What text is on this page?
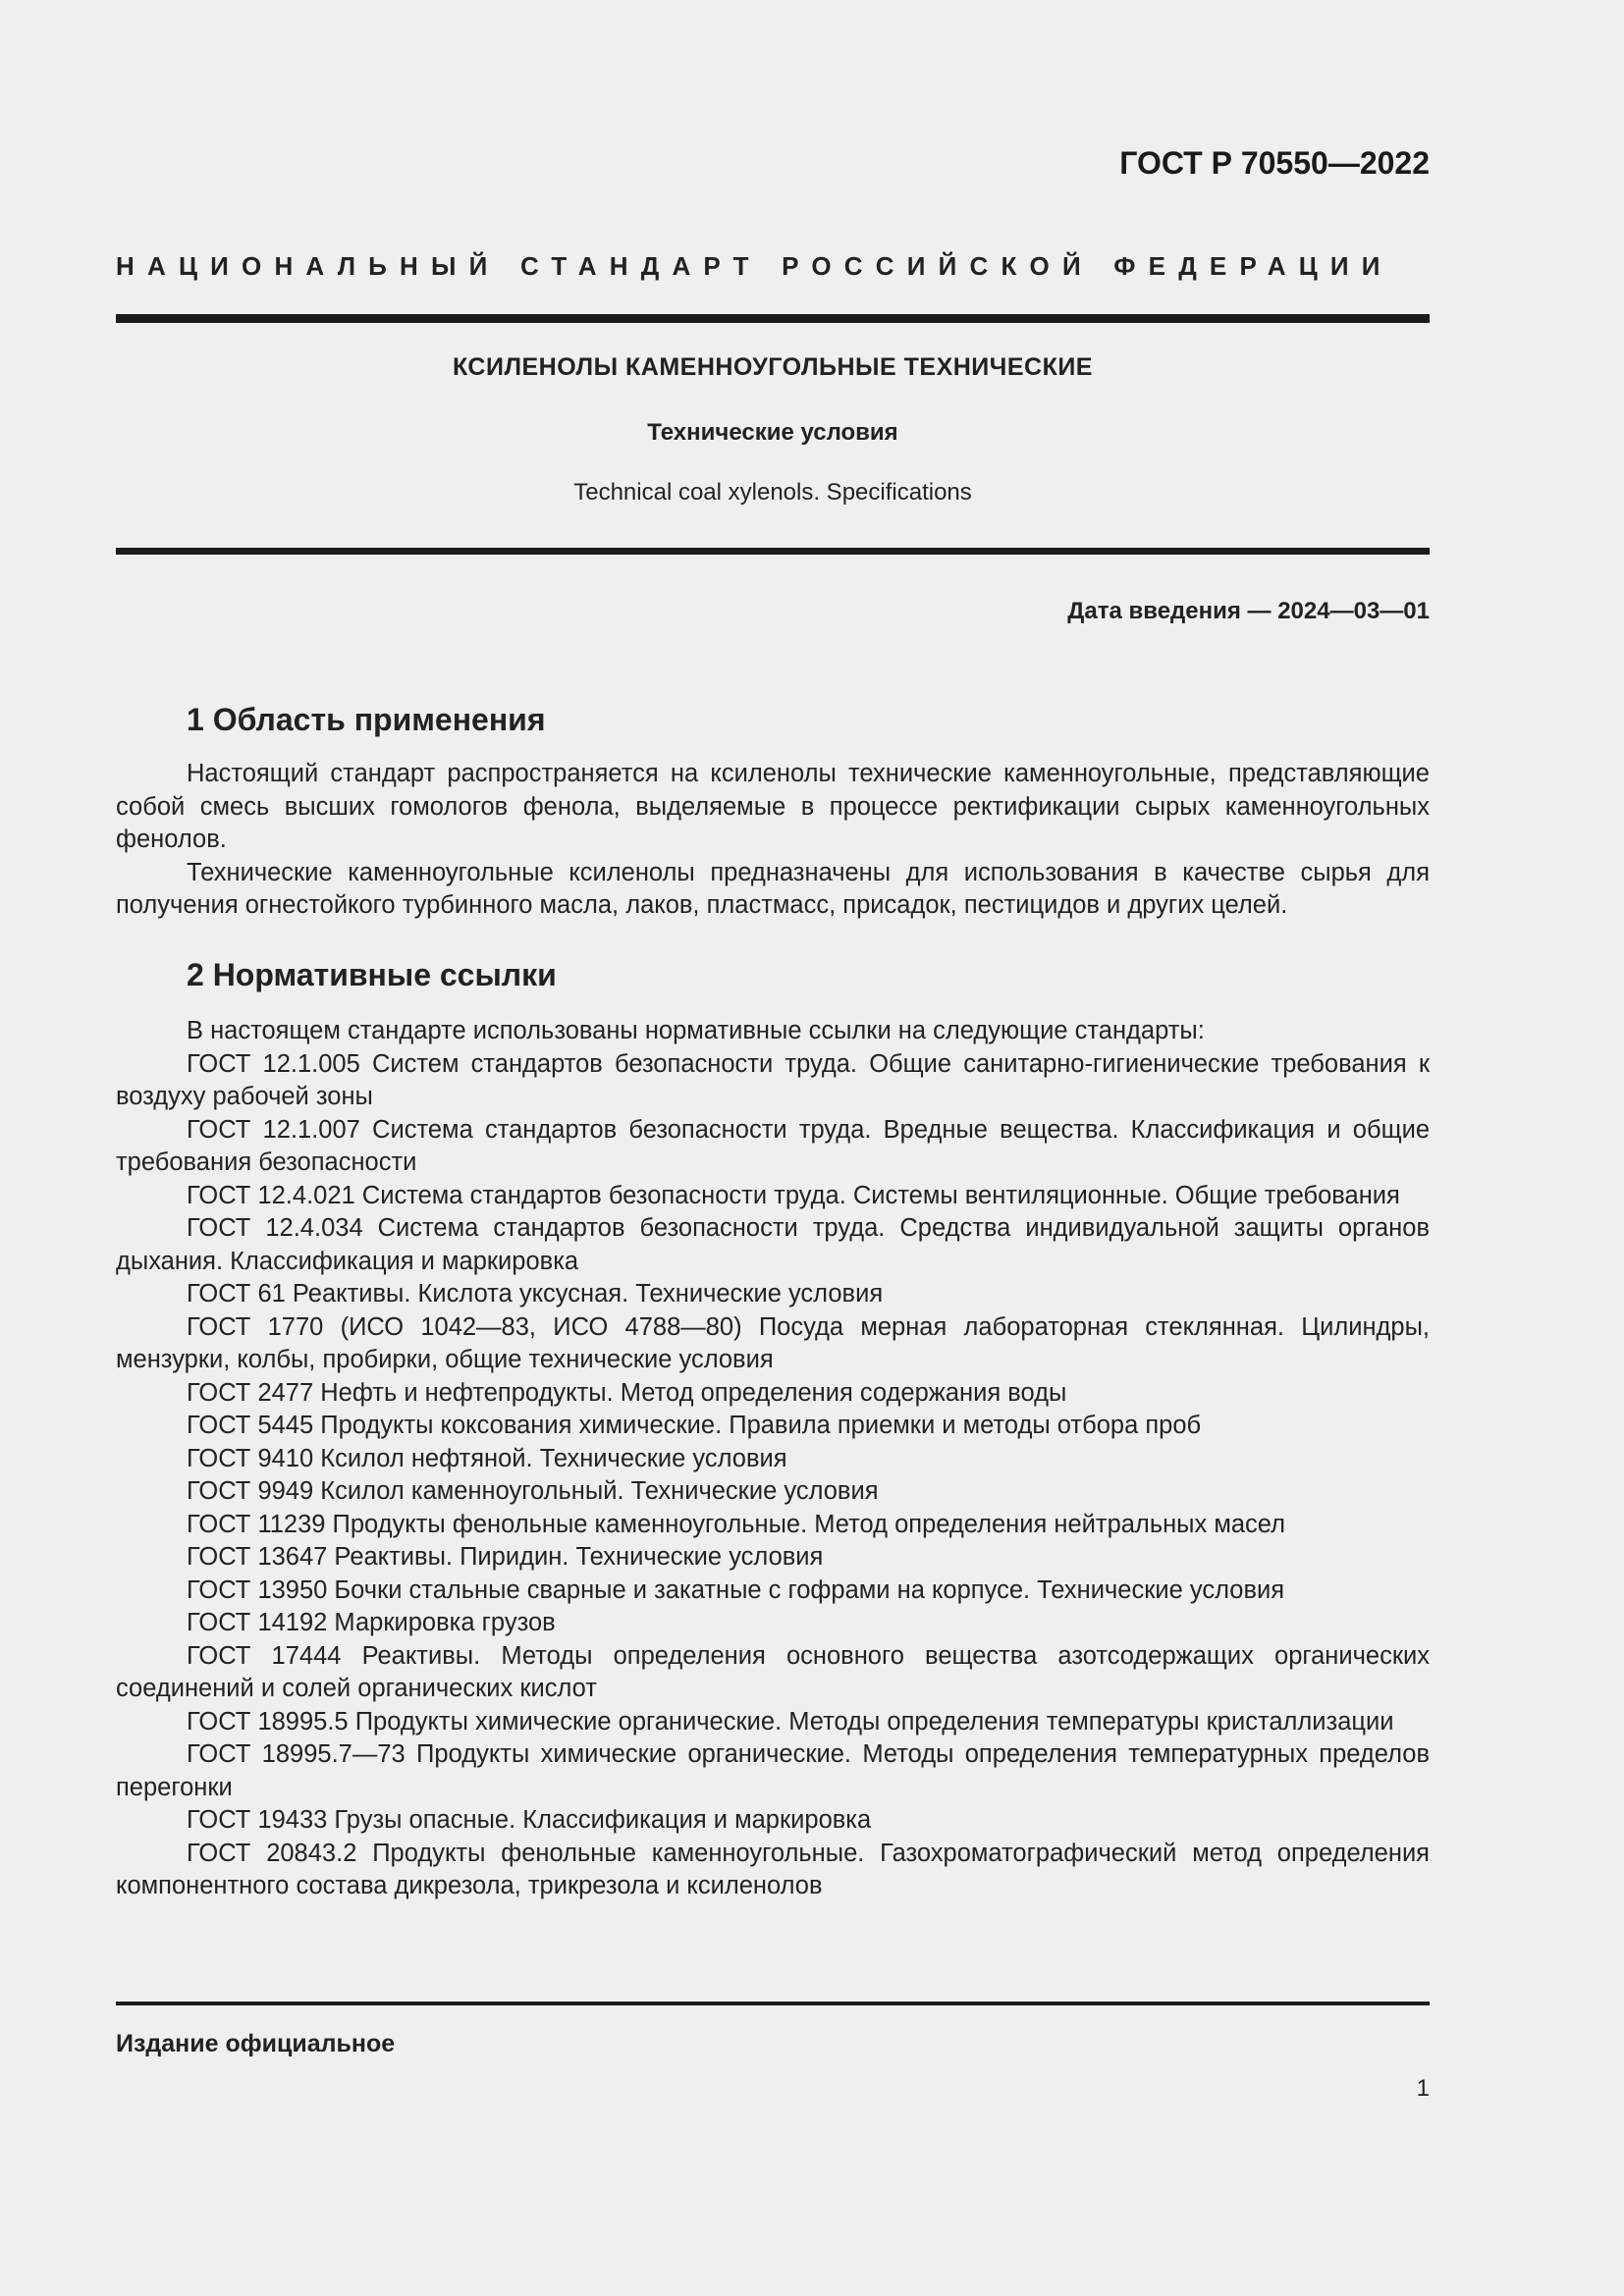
ГОСТ Р 70550—2022
НАЦИОНАЛЬНЫЙ СТАНДАРТ РОССИЙСКОЙ ФЕДЕРАЦИИ
КСИЛЕНОЛЫ КАМЕННОУГОЛЬНЫЕ ТЕХНИЧЕСКИЕ
Технические условия
Technical coal xylenols. Specifications
Дата введения — 2024—03—01
1 Область применения

Настоящий стандарт распространяется на ксиленолы технические каменноугольные, представляющие собой смесь высших гомологов фенола, выделяемые в процессе ректификации сырых каменноугольных фенолов.

Технические каменноугольные ксиленолы предназначены для использования в качестве сырья для получения огнестойкого турбинного масла, лаков, пластмасс, присадок, пестицидов и других целей.

2 Нормативные ссылки

В настоящем стандарте использованы нормативные ссылки на следующие стандарты:

ГОСТ 12.1.005 Систем стандартов безопасности труда. Общие санитарно-гигиенические требования к воздуху рабочей зоны

ГОСТ 12.1.007 Система стандартов безопасности труда. Вредные вещества. Классификация и общие требования безопасности

ГОСТ 12.4.021 Система стандартов безопасности труда. Системы вентиляционные. Общие требования

ГОСТ 12.4.034 Система стандартов безопасности труда. Средства индивидуальной защиты органов дыхания. Классификация и маркировка

ГОСТ 61 Реактивы. Кислота уксусная. Технические условия

ГОСТ 1770 (ИСО 1042—83, ИСО 4788—80) Посуда мерная лабораторная стеклянная. Цилиндры, мензурки, колбы, пробирки, общие технические условия

ГОСТ 2477 Нефть и нефтепродукты. Метод определения содержания воды

ГОСТ 5445 Продукты коксования химические. Правила приемки и методы отбора проб

ГОСТ 9410 Ксилол нефтяной. Технические условия

ГОСТ 9949 Ксилол каменноугольный. Технические условия

ГОСТ 11239 Продукты фенольные каменноугольные. Метод определения нейтральных масел

ГОСТ 13647 Реактивы. Пиридин. Технические условия

ГОСТ 13950 Бочки стальные сварные и закатные с гофрами на корпусе. Технические условия

ГОСТ 14192 Маркировка грузов

ГОСТ 17444 Реактивы. Методы определения основного вещества азотсодержащих органических соединений и солей органических кислот

ГОСТ 18995.5 Продукты химические органические. Методы определения температуры кристаллизации

ГОСТ 18995.7—73 Продукты химические органические. Методы определения температурных пределов перегонки

ГОСТ 19433 Грузы опасные. Классификация и маркировка

ГОСТ 20843.2 Продукты фенольные каменноугольные. Газохроматографический метод определения компонентного состава дикрезола, трикрезола и ксиленолов

Издание официальное
1
